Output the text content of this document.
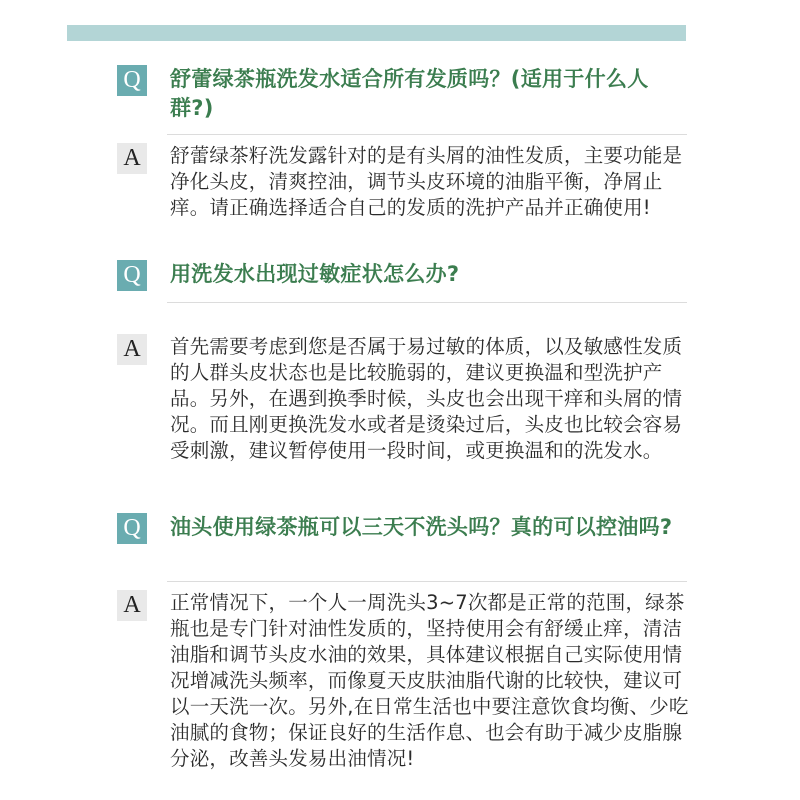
Q	舒蕾绿茶瓶洗发水适合所有发质吗？(适用于什么人群?)
A	舒蕾绿茶籽洗发露针对的是有头屑的油性发质，主要功能是净化头皮，清爽控油，调节头皮环境的油脂平衡，净屑止痒。请正确选择适合自己的发质的洗护产品并正确使用!
Q	用洗发水出现过敏症状怎么办?
A	首先需要考虑到您是否属于易过敏的体质，以及敏感性发质的人群头皮状态也是比较脆弱的，建议更换温和型洗护产品。另外，在遇到换季时候，头皮也会出现干痒和头屑的情况。而且刚更换洗发水或者是烫染过后，头皮也比较会容易受刺激，建议暂停使用一段时间，或更换温和的洗发水。
Q	油头使用绿茶瓶可以三天不洗头吗？真的可以控油吗?
A	正常情况下，一个人一周洗头3~7次都是正常的范围，绿茶瓶也是专门针对油性发质的，坚持使用会有舒缓止痒，清洁油脂和调节头皮水油的效果，具体建议根据自己实际使用情况增减洗头频率，而像夏天皮肤油脂代谢的比较快，建议可以一天洗一次。另外,在日常生活也中要注意饮食均衡、少吃油腻的食物；保证良好的生活作息、也会有助于减少皮脂腺分泌，改善头发易出油情况!
